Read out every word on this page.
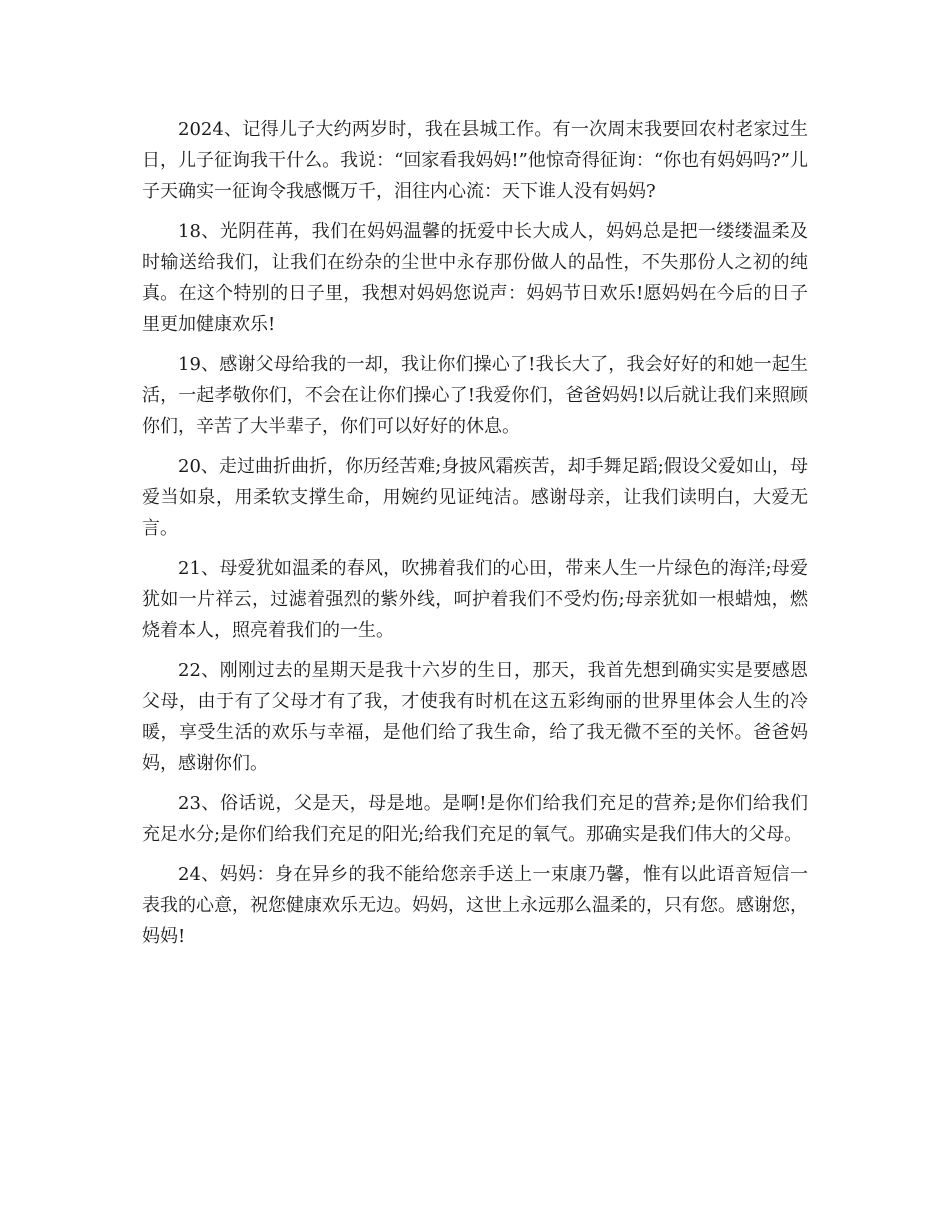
2024、记得儿子大约两岁时，我在县城工作。有一次周末我要回农村老家过生日，儿子征询我干什么。我说：“回家看我妈妈!”他惊奇得征询：“你也有妈妈吗?”儿子天确实一征询令我感慨万千，泪往内心流：天下谁人没有妈妈?

18、光阴荏苒，我们在妈妈温馨的抚爱中长大成人，妈妈总是把一缕缕温柔及时输送给我们，让我们在纷杂的尘世中永存那份做人的品性，不失那份人之初的纯真。在这个特别的日子里，我想对妈妈您说声：妈妈节日欢乐!愿妈妈在今后的日子里更加健康欢乐!

19、感谢父母给我的一却，我让你们操心了!我长大了，我会好好的和她一起生活，一起孝敬你们，不会在让你们操心了!我爱你们，爸爸妈妈!以后就让我们来照顾你们，辛苦了大半辈子，你们可以好好的休息。

20、走过曲折曲折，你历经苦难;身披风霜疾苦，却手舞足蹈;假设父爱如山，母爱当如泉，用柔软支撑生命，用婉约见证纯洁。感谢母亲，让我们读明白，大爱无言。

21、母爱犹如温柔的春风，吹拂着我们的心田，带来人生一片绿色的海洋;母爱犹如一片祥云，过滤着强烈的紫外线，呵护着我们不受灼伤;母亲犹如一根蜡烛，燃烧着本人，照亮着我们的一生。

22、刚刚过去的星期天是我十六岁的生日，那天，我首先想到确实实是要感恩父母，由于有了父母才有了我，才使我有时机在这五彩绚丽的世界里体会人生的冷暖，享受生活的欢乐与幸福，是他们给了我生命，给了我无微不至的关怀。爸爸妈妈，感谢你们。

23、俗话说，父是天，母是地。是啊!是你们给我们充足的营养;是你们给我们充足水分;是你们给我们充足的阳光;给我们充足的氧气。那确实是我们伟大的父母。

24、妈妈：身在异乡的我不能给您亲手送上一束康乃馨，惟有以此语音短信一表我的心意，祝您健康欢乐无边。妈妈，这世上永远那么温柔的，只有您。感谢您，妈妈!
